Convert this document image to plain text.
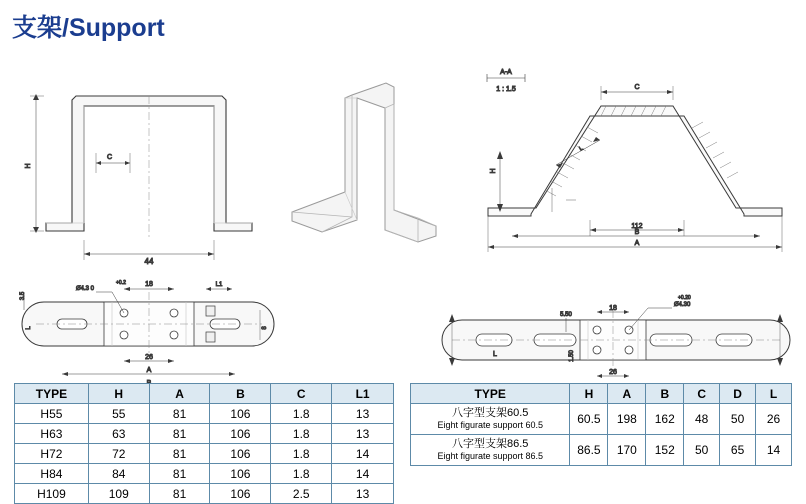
支架/Support
H
C
44
A-A
1 : 1.5	C
L
H
112
B
A
Ø4.3 0
+0.2	18	L1
26
A
3.5
L	8
Ø4.30
+0.20
18
5.50
1.50
26
L
TYPE	H	A	B	C	L1
H55	55	81	106	1.8	13
H63	63	81	106	1.8	13
H72	72	81	106	1.8	14
H84	84	81	106	1.8	14
H109	109	81	106	2.5	13
TYPE	H	A	B	C	D	L

八字型支架60.5
Eight figurate support 60.5	60.5	198	162	48	50	26

八字型支架86.5
Eight figurate support 86.5	86.5	170	152	50	65	14
